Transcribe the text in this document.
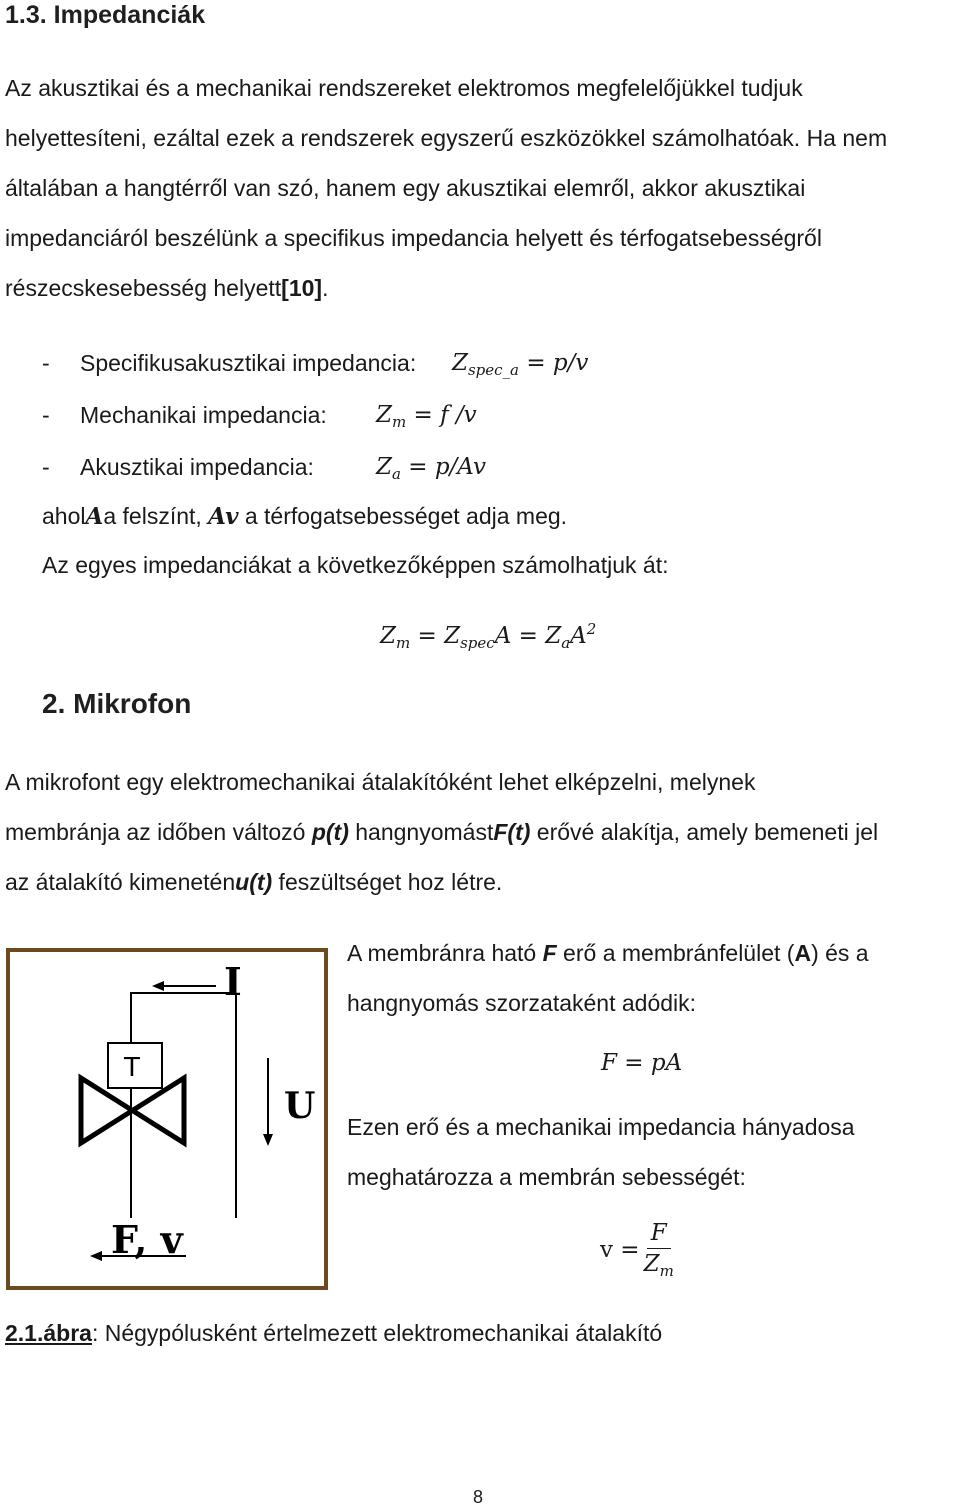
1.3. Impedanciák
Az akusztikai és a mechanikai rendszereket elektromos megfelelőjükkel tudjuk
helyettesíteni, ezáltal ezek a rendszerek egyszerű eszközökkel számolhatóak. Ha nem
általában a hangtérről van szó, hanem egy akusztikai elemről, akkor akusztikai
impedanciáról beszélünk a specifikus impedancia helyett és térfogatsebességről
részecskesebesség helyett[10].
- Specifikusakusztikai impedancia: $Z_{spec\_a} = p/v$
- Mechanikai impedancia: $Z_m = f$ /v
- Akusztikai impedancia:	$Z_a = p/Av$
aholAa felszínt, Av a térfogatsebességet adja meg.
Az egyes impedanciákat a következőképpen számolhatjuk át:
$Z_m = Z_{spec}A = Z_aA^2$
2. Mikrofon
A mikrofont egy elektromechanikai átalakítóként lehet elképzelni, melynek
membránja az időben változó p(t) hangnyomástF(t) erővé alakítja, amely bemeneti jel
az átalakító kimeneténu(t) feszültséget hoz létre.
I
T
U
F, v
A membránra ható F erő a membránfelület (A) és a
hangnyomás szorzataként adódik:
F = pA
Ezen erő és a mechanikai impedancia hányadosa
meghatározza a membrán sebességét:
$v = \frac{F}{Z_m}$
2.1.ábra: Négypólusként értelmezett elektromechanikai átalakító
8
